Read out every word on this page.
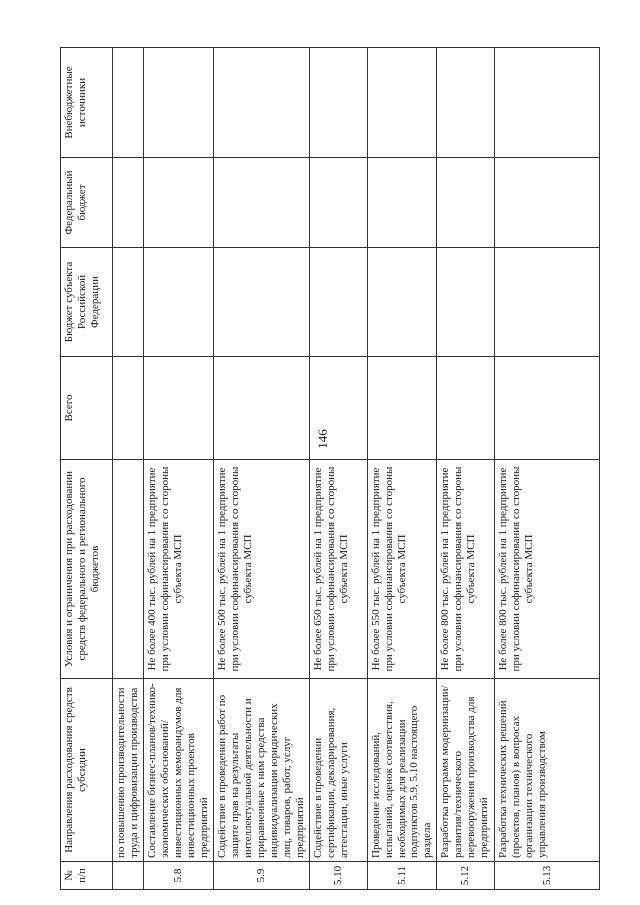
146
№ п/п	Направления расходования средств субсидии	Условия и ограничения при расходовании средств федерального и регионального бюджетов	Всего	Бюджет субъекта Российской Федерации	Федеральный бюджет	Внебюджетные источники
	по повышению производительности труда и цифровизации производства					
5.8	Составление бизнес-планов/технико-экономических обоснований/инвестиционных меморандумов для инвестиционных проектов предприятий	Не более 400 тыс. рублей на 1 предприятие при условии софинансирования со стороны субъекта МСП				
5.9	Содействие в проведении работ по защите прав на результаты интеллектуальной деятельности и приравненные к ним средства индивидуализации юридических лиц, товаров, работ, услуг предприятий	Не более 500 тыс. рублей на 1 предприятие при условии софинансирования со стороны субъекта МСП				
5.10	Содействие в проведении сертификации, декларирования, аттестации, иные услуги	Не более 650 тыс. рублей на 1 предприятие при условии софинансирования со стороны субъекта МСП				
5.11	Проведение исследований, испытаний, оценок соответствия, необходимых для реализации подпунктов 5.9, 5.10 настоящего раздела	Не более 550 тыс. рублей на 1 предприятие при условии софинансирования со стороны субъекта МСП				
5.12	Разработка программ модернизации/развития/технического перевооружения производства для предприятий	Не более 800 тыс. рублей на 1 предприятие при условии софинансирования со стороны субъекта МСП				
5.13	Разработка технических решений (проектов, планов) в вопросах организации технического управления производством	Не более 800 тыс. рублей на 1 предприятие при условии софинансирования со стороны субъекта МСП				
